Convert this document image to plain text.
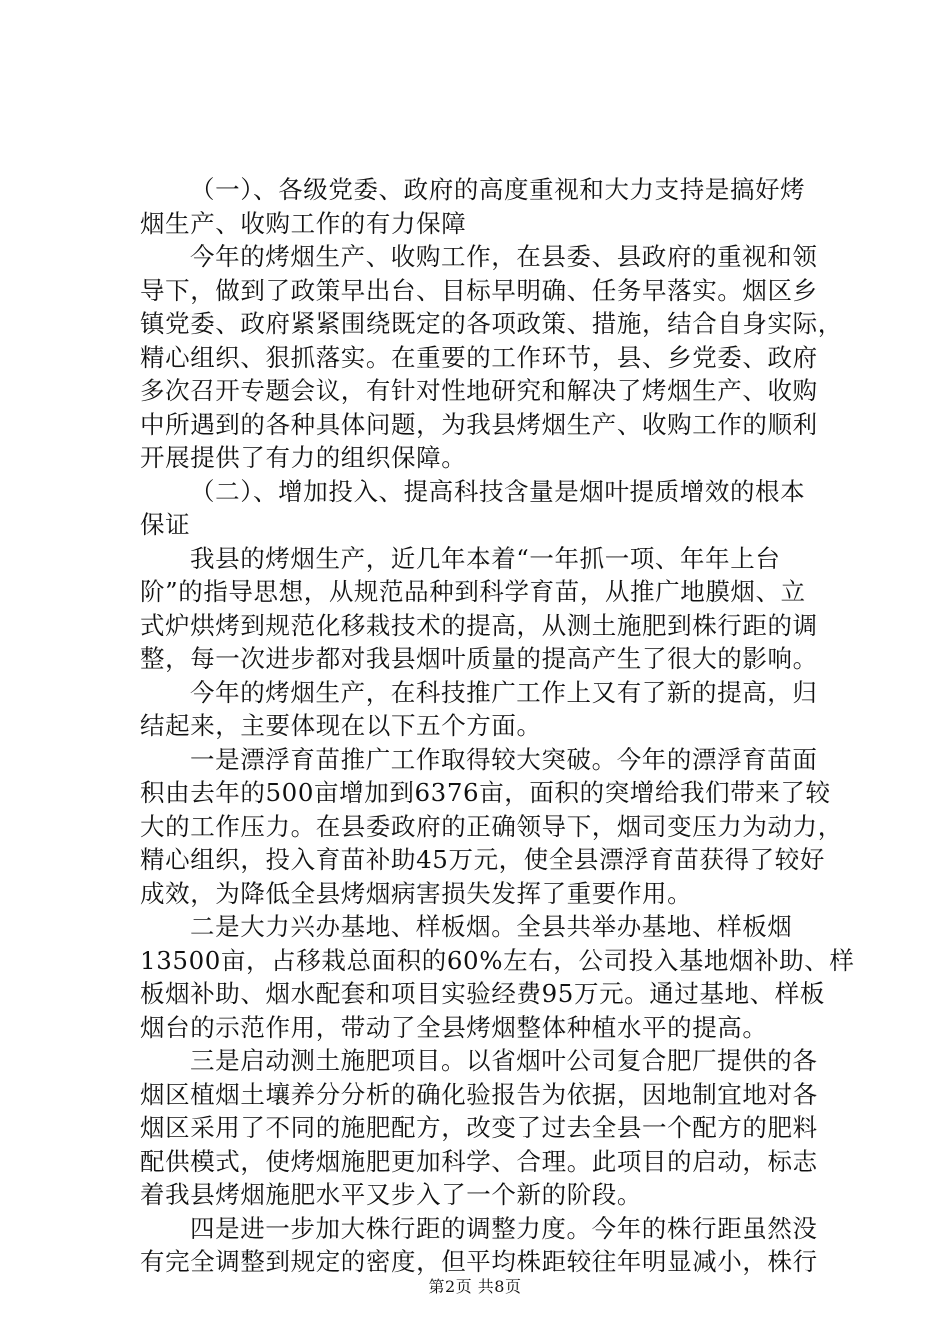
（一）、各级党委、政府的高度重视和大力支持是搞好烤
烟生产、收购工作的有力保障
今年的烤烟生产、收购工作，在县委、县政府的重视和领
导下，做到了政策早出台、目标早明确、任务早落实。烟区乡
镇党委、政府紧紧围绕既定的各项政策、措施，结合自身实际，
精心组织、狠抓落实。在重要的工作环节，县、乡党委、政府
多次召开专题会议，有针对性地研究和解决了烤烟生产、收购
中所遇到的各种具体问题，为我县烤烟生产、收购工作的顺利
开展提供了有力的组织保障。
（二）、增加投入、提高科技含量是烟叶提质增效的根本
保证
我县的烤烟生产，近几年本着“一年抓一项、年年上台
阶”的指导思想，从规范品种到科学育苗，从推广地膜烟、立
式炉烘烤到规范化移栽技术的提高，从测土施肥到株行距的调
整，每一次进步都对我县烟叶质量的提高产生了很大的影响。
今年的烤烟生产，在科技推广工作上又有了新的提高，归
结起来，主要体现在以下五个方面。
一是漂浮育苗推广工作取得较大突破。今年的漂浮育苗面
积由去年的500亩增加到6376亩，面积的突增给我们带来了较
大的工作压力。在县委政府的正确领导下，烟司变压力为动力，
精心组织，投入育苗补助45万元，使全县漂浮育苗获得了较好
成效，为降低全县烤烟病害损失发挥了重要作用。
二是大力兴办基地、样板烟。全县共举办基地、样板烟
13500亩，占移栽总面积的60%左右，公司投入基地烟补助、样
板烟补助、烟水配套和项目实验经费95万元。通过基地、样板
烟台的示范作用，带动了全县烤烟整体种植水平的提高。
三是启动测土施肥项目。以省烟叶公司复合肥厂提供的各
烟区植烟土壤养分分析的确化验报告为依据，因地制宜地对各
烟区采用了不同的施肥配方，改变了过去全县一个配方的肥料
配供模式，使烤烟施肥更加科学、合理。此项目的启动，标志
着我县烤烟施肥水平又步入了一个新的阶段。
四是进一步加大株行距的调整力度。今年的株行距虽然没
有完全调整到规定的密度，但平均株距较往年明显减小，株行
第2页 共8页
